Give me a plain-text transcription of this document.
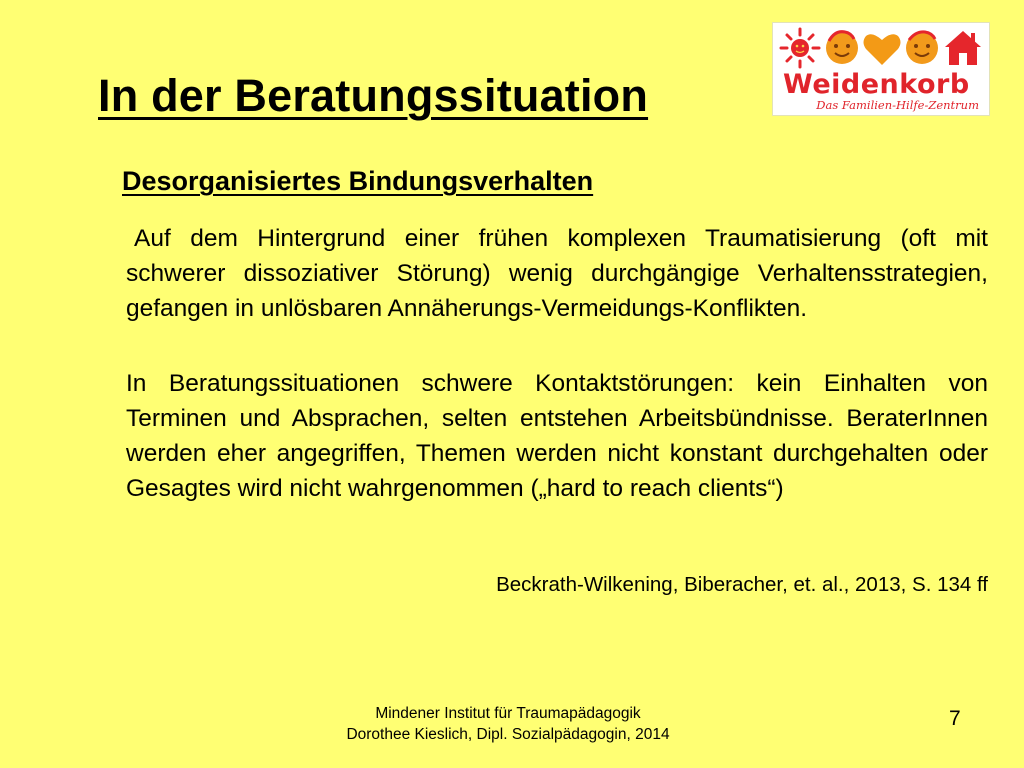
In der Beratungssituation	Weidenkorb
Das Familien-Hilfe-Zentrum
Desorganisiertes Bindungsverhalten

Auf dem Hintergrund einer frühen komplexen Traumatisierung (oft mit schwerer dissoziativer Störung) wenig durchgängige Verhaltensstrategien, gefangen in unlösbaren Annäherungs-Vermeidungs-Konflikten.

In Beratungssituationen schwere Kontaktstörungen: kein Einhalten von Terminen und Absprachen, selten entstehen Arbeitsbündnisse. BeraterInnen werden eher angegriffen, Themen werden nicht konstant durchgehalten oder Gesagtes wird nicht wahrgenommen („hard to reach clients“)

Beckrath-Wilkening, Biberacher, et. al., 2013, S. 134 ff
Mindener Institut für Traumapädagogik
Dorothee Kieslich, Dipl. Sozialpädagogin, 2014
7
